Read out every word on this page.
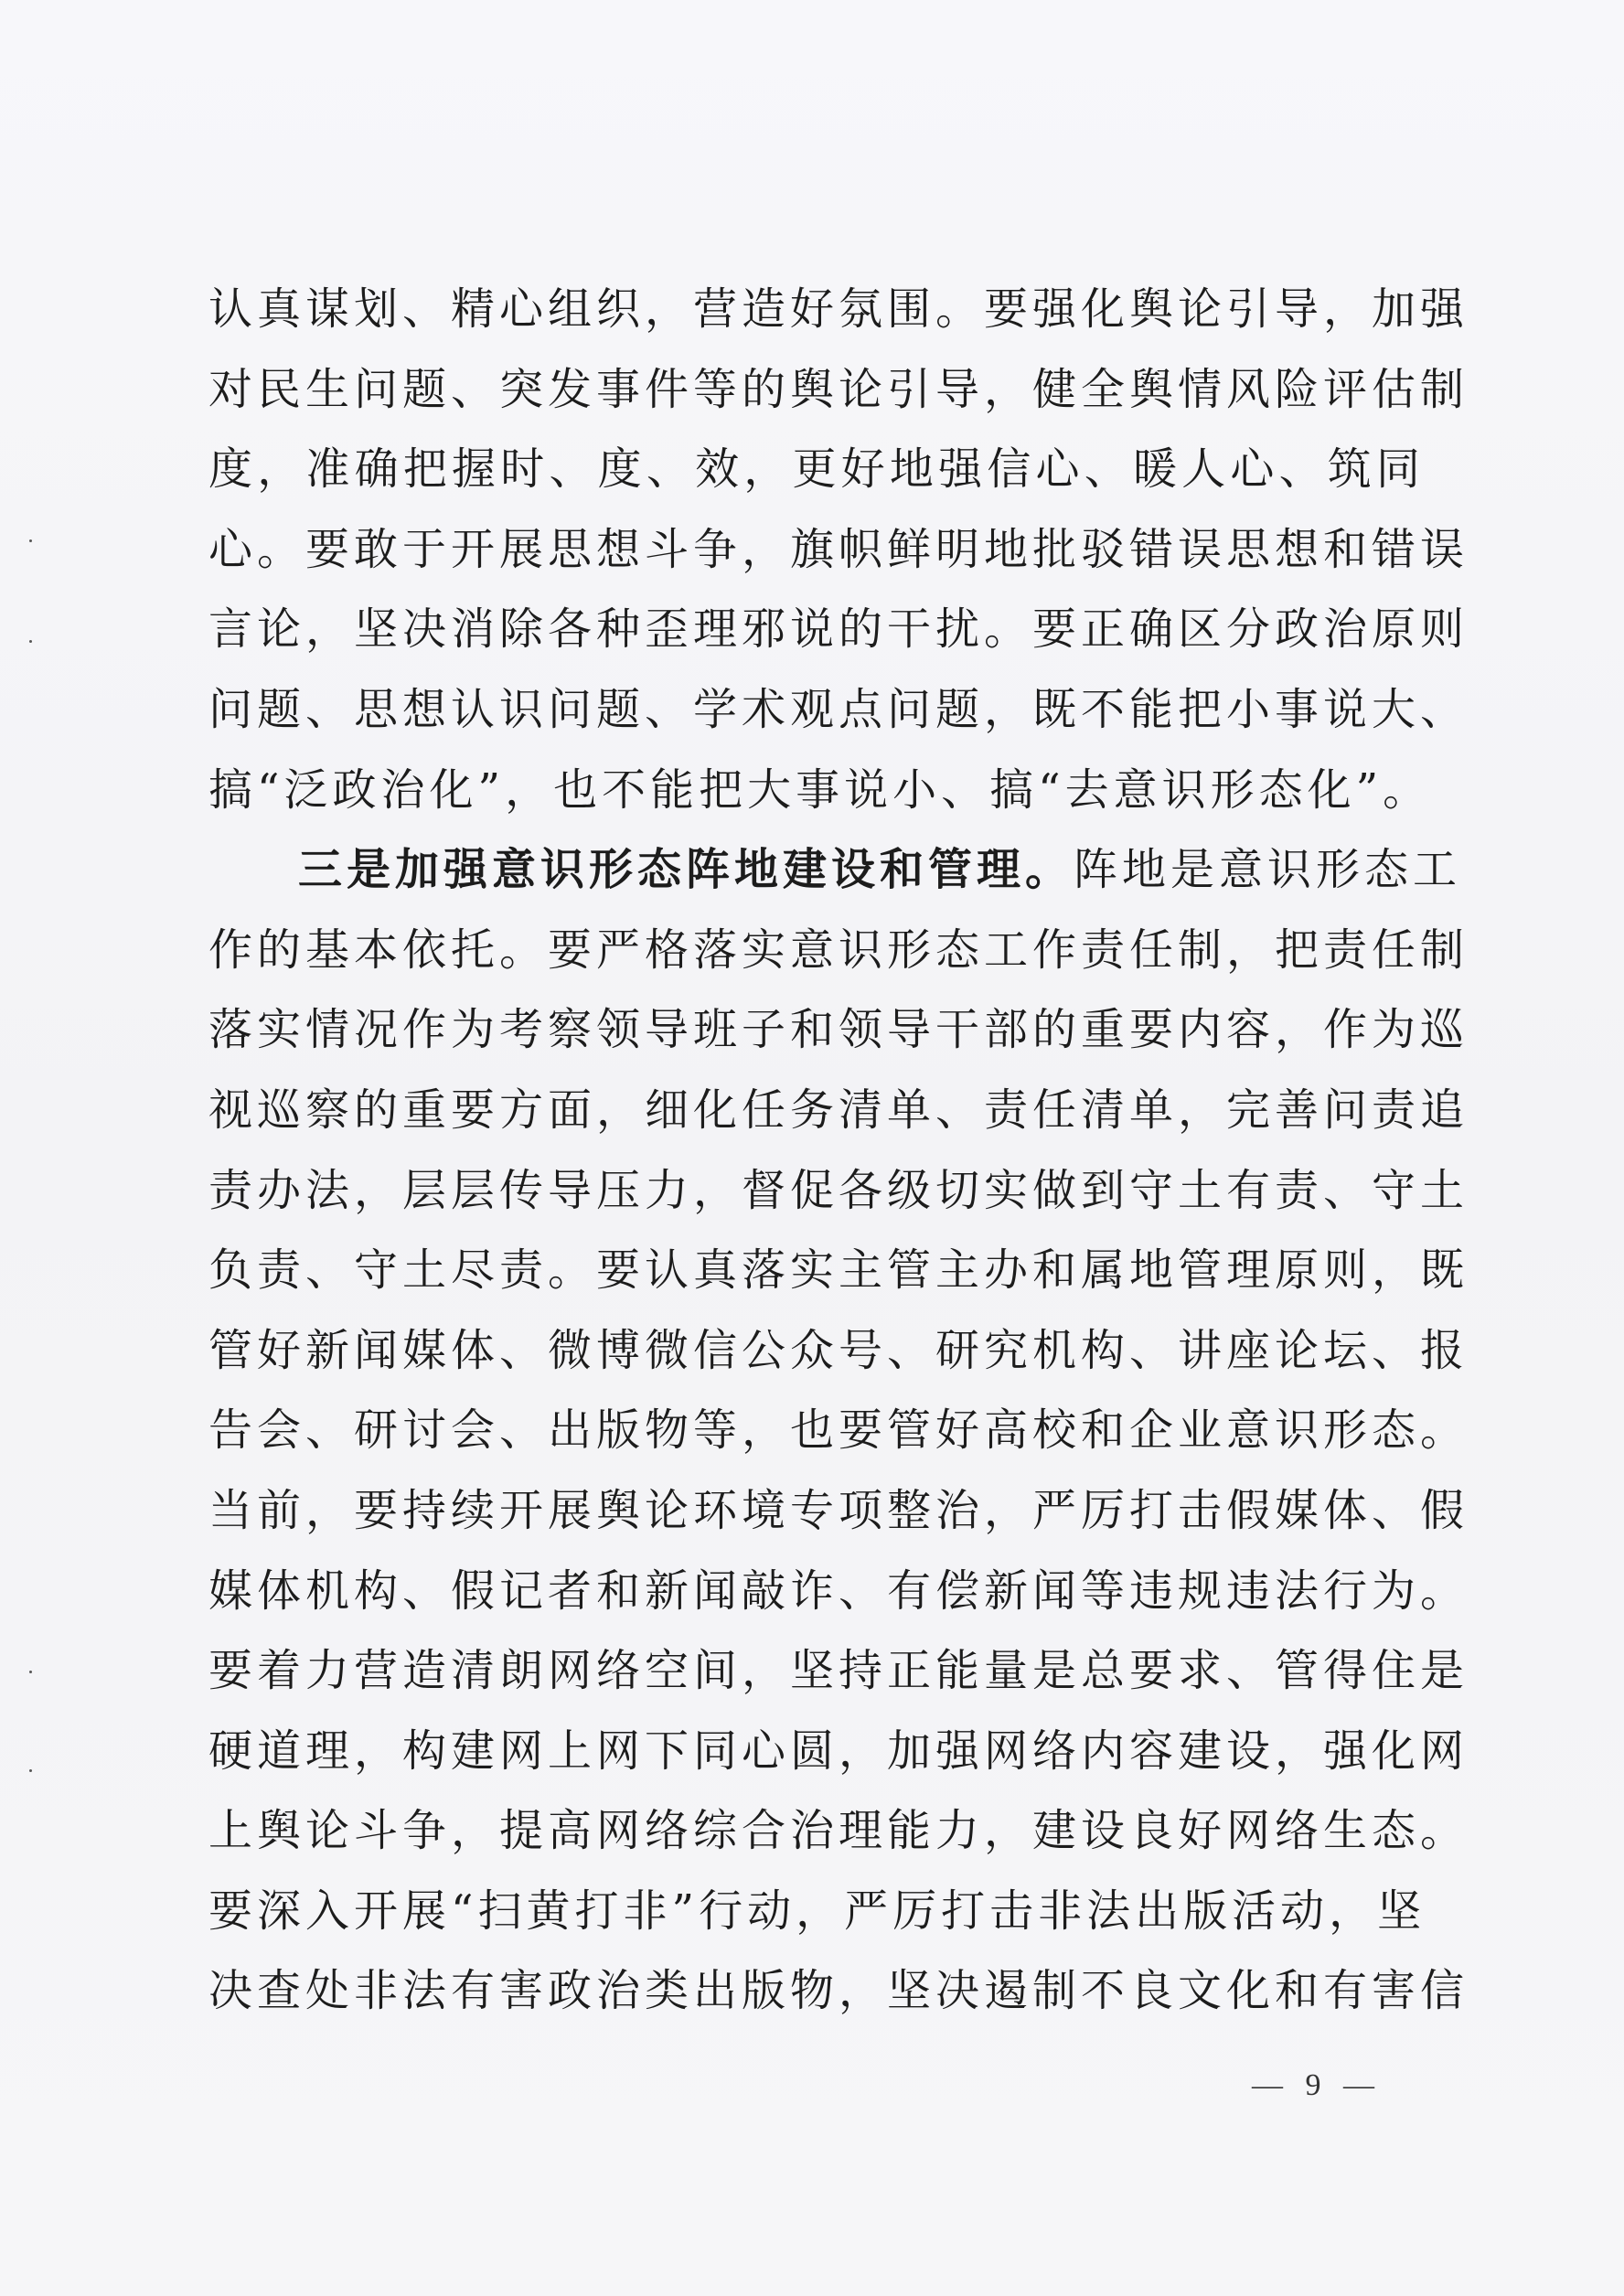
认真谋划、精心组织，营造好氛围。要强化舆论引导，加强
对民生问题、突发事件等的舆论引导，健全舆情风险评估制
度，准确把握时、度、效，更好地强信心、暖人心、筑同
心。要敢于开展思想斗争，旗帜鲜明地批驳错误思想和错误
言论，坚决消除各种歪理邪说的干扰。要正确区分政治原则
问题、思想认识问题、学术观点问题，既不能把小事说大、
搞“泛政治化”，也不能把大事说小、搞“去意识形态化”。
三是加强意识形态阵地建设和管理。阵地是意识形态工
作的基本依托。要严格落实意识形态工作责任制，把责任制
落实情况作为考察领导班子和领导干部的重要内容，作为巡
视巡察的重要方面，细化任务清单、责任清单，完善问责追
责办法，层层传导压力，督促各级切实做到守土有责、守土
负责、守土尽责。要认真落实主管主办和属地管理原则，既
管好新闻媒体、微博微信公众号、研究机构、讲座论坛、报
告会、研讨会、出版物等，也要管好高校和企业意识形态。
当前，要持续开展舆论环境专项整治，严厉打击假媒体、假
媒体机构、假记者和新闻敲诈、有偿新闻等违规违法行为。
要着力营造清朗网络空间，坚持正能量是总要求、管得住是
硬道理，构建网上网下同心圆，加强网络内容建设，强化网
上舆论斗争，提高网络综合治理能力，建设良好网络生态。
要深入开展“扫黄打非”行动，严厉打击非法出版活动，坚
决查处非法有害政治类出版物，坚决遏制不良文化和有害信
— 9 —
